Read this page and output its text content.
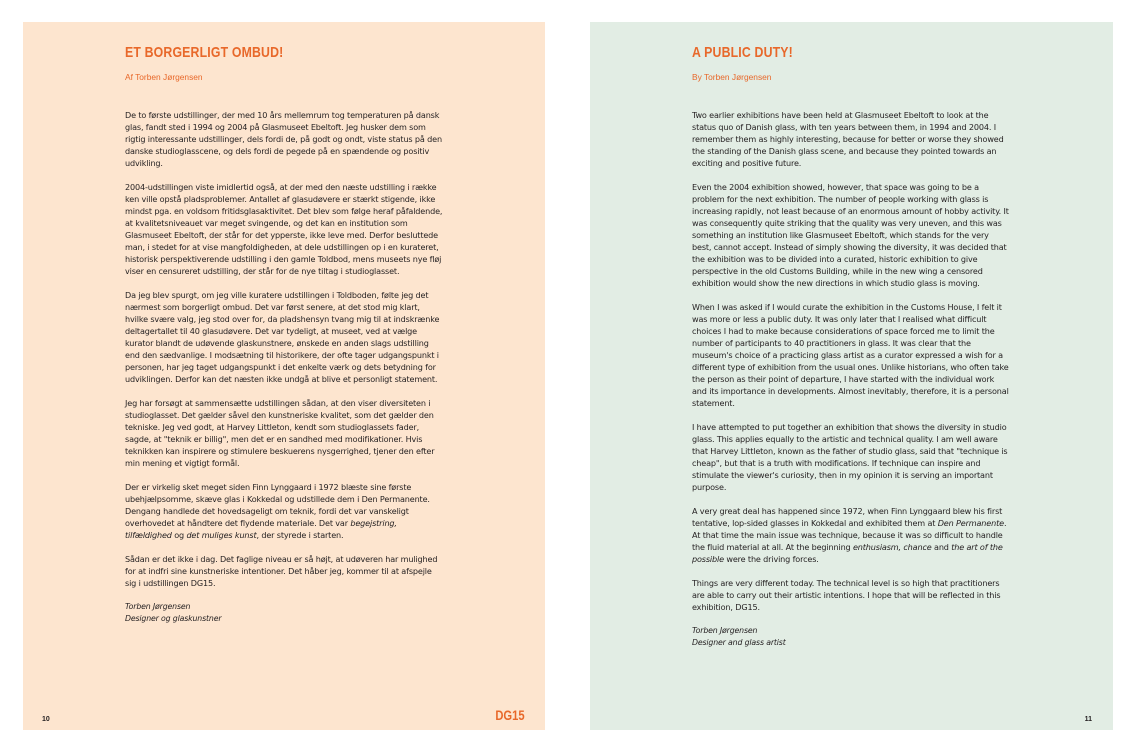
ET BORGERLIGT OMBUD!
Af Torben Jørgensen

De to første udstillinger, der med 10 års mellemrum tog temperaturen på dansk glas, fandt sted i 1994 og 2004 på Glasmuseet Ebeltoft. Jeg husker dem som rigtig interessante udstillinger, dels fordi de, på godt og ondt, viste status på den danske studioglasscene, og dels fordi de pegede på en spændende og positiv udvikling.

2004-udstillingen viste imidlertid også, at der med den næste udstilling i række ken ville opstå pladsproblemer. Antallet af glasudøvere er stærkt stigende, ikke mindst pga. en voldsom fritidsglasaktivitet. Det blev som følge heraf påfaldende, at kvalitetsniveauet var meget svingende, og det kan en institution som Glasmuseet Ebeltoft, der står for det ypperste, ikke leve med. Derfor besluttede man, i stedet for at vise mangfoldigheden, at dele udstillingen op i en kurateret, historisk perspektiverende udstilling i den gamle Toldbod, mens museets nye fløj viser en censureret udstilling, der står for de nye tiltag i studioglasset.

Da jeg blev spurgt, om jeg ville kuratere udstillingen i Toldboden, følte jeg det nærmest som borgerligt ombud. Det var først senere, at det stod mig klart, hvilke svære valg, jeg stod over for, da pladshensyn tvang mig til at indskrænke deltagertallet til 40 glasudøvere. Det var tydeligt, at museet, ved at vælge kurator blandt de udøvende glaskunstnere, ønskede en anden slags udstilling end den sædvanlige. I modsætning til historikere, der ofte tager udgangspunkt i personen, har jeg taget udgangspunkt i det enkelte værk og dets betydning for udviklingen. Derfor kan det næsten ikke undgå at blive et personligt statement.

Jeg har forsøgt at sammensætte udstillingen sådan, at den viser diversiteten i studioglasset. Det gælder såvel den kunstneriske kvalitet, som det gælder den tekniske. Jeg ved godt, at Harvey Littleton, kendt som studioglassets fader, sagde, at "teknik er billig", men det er en sandhed med modifikationer. Hvis teknikken kan inspirere og stimulere beskuerens nysgerrighed, tjener den efter min mening et vigtigt formål.

Der er virkelig sket meget siden Finn Lynggaard i 1972 blæste sine første ubehjælpsomme, skæve glas i Kokkedal og udstillede dem i Den Permanente. Dengang handlede det hovedsageligt om teknik, fordi det var vanskeligt overhovedet at håndtere det flydende materiale. Det var begejstring, tilfældighed og det muliges kunst, der styrede i starten.

Sådan er det ikke i dag. Det faglige niveau er så højt, at udøveren har mulighed for at indfri sine kunstneriske intentioner. Det håber jeg, kommer til at afspejle sig i udstillingen DG15.

Torben Jørgensen
Designer og glaskunstner
10	DG15
A PUBLIC DUTY!
By Torben Jørgensen

Two earlier exhibitions have been held at Glasmuseet Ebeltoft to look at the status quo of Danish glass, with ten years between them, in 1994 and 2004. I remember them as highly interesting, because for better or worse they showed the standing of the Danish glass scene, and because they pointed towards an exciting and positive future.

Even the 2004 exhibition showed, however, that space was going to be a problem for the next exhibition. The number of people working with glass is increasing rapidly, not least because of an enormous amount of hobby activity. It was consequently quite striking that the quality was very uneven, and this was something an institution like Glasmuseet Ebeltoft, which stands for the very best, cannot accept. Instead of simply showing the diversity, it was decided that the exhibition was to be divided into a curated, historic exhibition to give perspective in the old Customs Building, while in the new wing a censored exhibition would show the new directions in which studio glass is moving.

When I was asked if I would curate the exhibition in the Customs House, I felt it was more or less a public duty. It was only later that I realised what difficult choices I had to make because considerations of space forced me to limit the number of participants to 40 practitioners in glass. It was clear that the museum's choice of a practicing glass artist as a curator expressed a wish for a different type of exhibition from the usual ones. Unlike historians, who often take the person as their point of departure, I have started with the individual work and its importance in developments. Almost inevitably, therefore, it is a personal statement.

I have attempted to put together an exhibition that shows the diversity in studio glass. This applies equally to the artistic and technical quality. I am well aware that Harvey Littleton, known as the father of studio glass, said that "technique is cheap", but that is a truth with modifications. If technique can inspire and stimulate the viewer's curiosity, then in my opinion it is serving an important purpose.

A very great deal has happened since 1972, when Finn Lynggaard blew his first tentative, lop-sided glasses in Kokkedal and exhibited them at Den Permanente. At that time the main issue was technique, because it was so difficult to handle the fluid material at all. At the beginning enthusiasm, chance and the art of the possible were the driving forces.

Things are very different today. The technical level is so high that practitioners are able to carry out their artistic intentions. I hope that will be reflected in this exhibition, DG15.

Torben Jørgensen
Designer and glass artist
11
